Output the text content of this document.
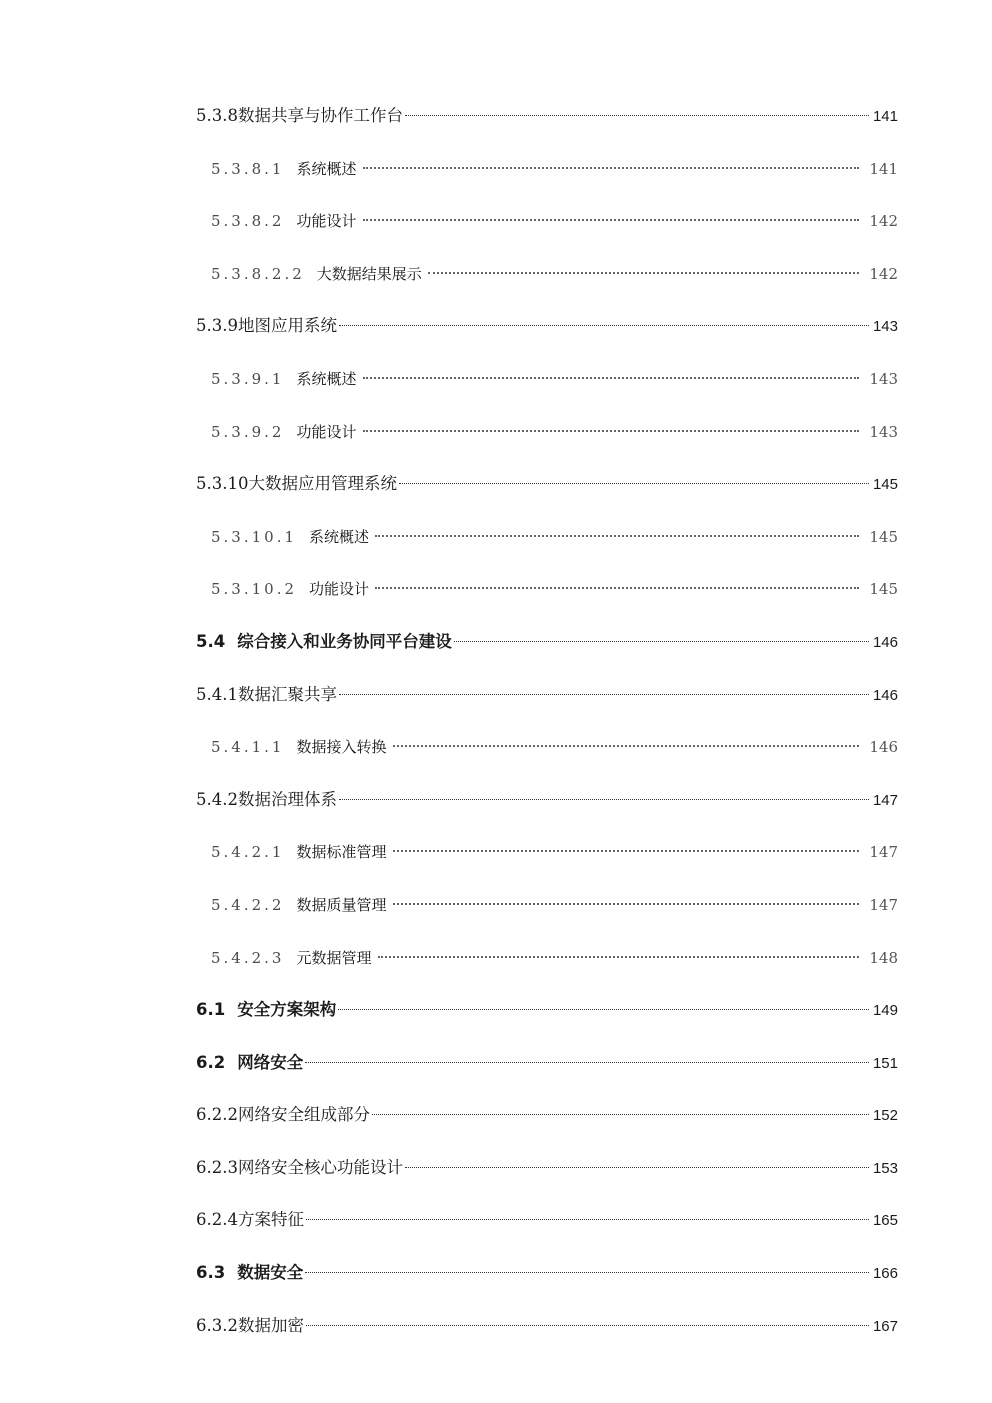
5.3.8 数据共享与协作工作台	141
5.3.8.1 系统概述	141
5.3.8.2 功能设计	142
5.3.8.2.2 大数据结果展示	142
5.3.9 地图应用系统	143
5.3.9.1 系统概述	143
5.3.9.2 功能设计	143
5.3.10 大数据应用管理系统	145
5.3.10.1 系统概述	145
5.3.10.2 功能设计	145
5.4 综合接入和业务协同平台建设	146
5.4.1 数据汇聚共享	146
5.4.1.1 数据接入转换	146
5.4.2 数据治理体系	147
5.4.2.1 数据标准管理	147
5.4.2.2 数据质量管理	147
5.4.2.3 元数据管理	148
6.1 安全方案架构	149
6.2 网络安全	151
6.2.2 网络安全组成部分	152
6.2.3 网络安全核心功能设计	153
6.2.4 方案特征	165
6.3 数据安全	166
6.3.2 数据加密	167
